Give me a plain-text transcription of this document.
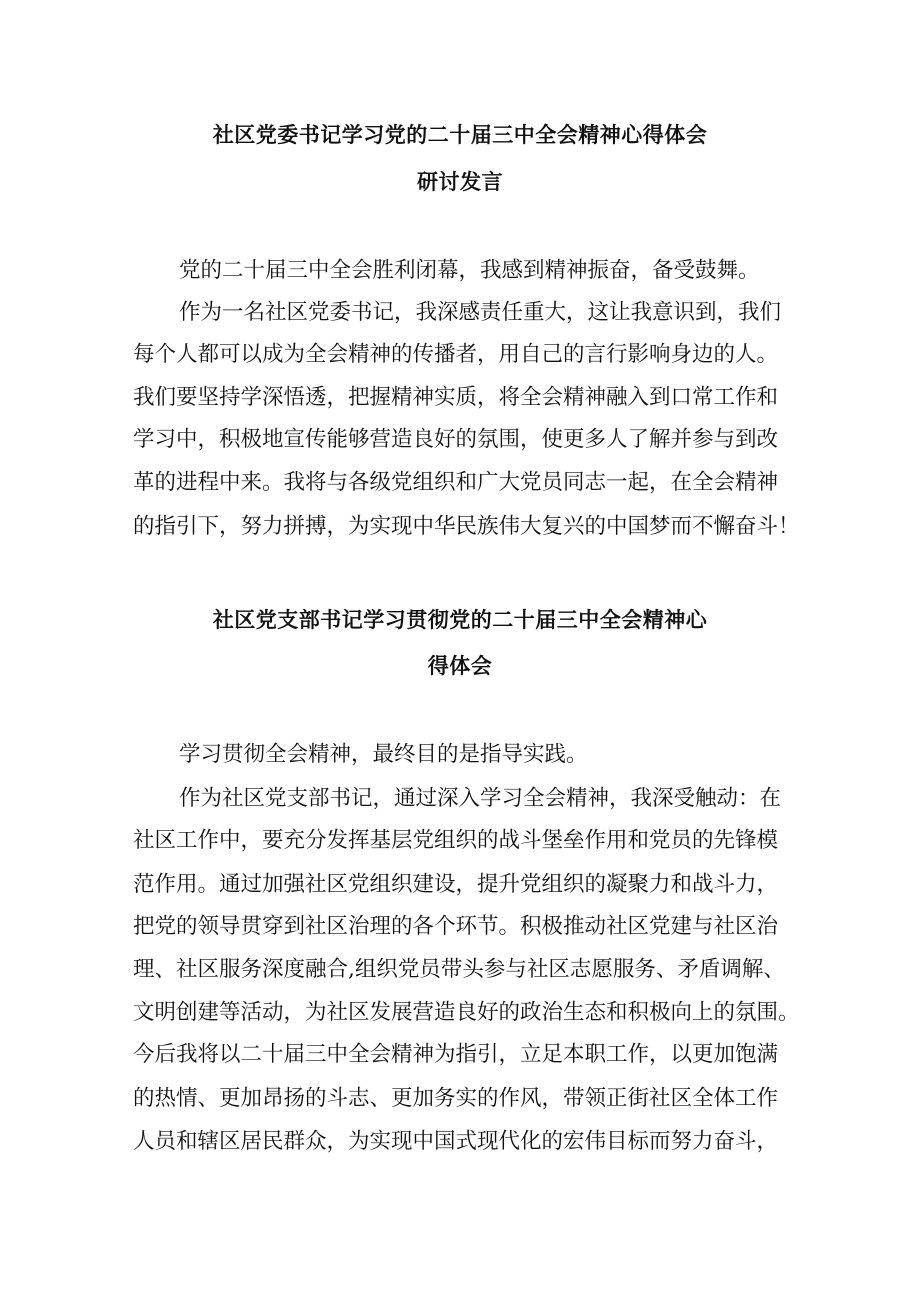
社区党委书记学习党的二十届三中全会精神心得体会
研讨发言
党的二十届三中全会胜利闭幕，我感到精神振奋，备受鼓舞。
作为一名社区党委书记，我深感责任重大，这让我意识到，我们
每个人都可以成为全会精神的传播者，用自己的言行影响身边的人。
我们要坚持学深悟透，把握精神实质，将全会精神融入到口常工作和
学习中，积极地宣传能够营造良好的氛围，使更多人了解并参与到改
革的进程中来。我将与各级党组织和广大党员同志一起，在全会精神
的指引下，努力拼搏，为实现中华民族伟大复兴的中国梦而不懈奋斗！
社区党支部书记学习贯彻党的二十届三中全会精神心
得体会
学习贯彻全会精神，最终目的是指导实践。
作为社区党支部书记，通过深入学习全会精神，我深受触动：在
社区工作中，要充分发挥基层党组织的战斗堡垒作用和党员的先锋模
范作用。通过加强社区党组织建设，提升党组织的凝聚力和战斗力，
把党的领导贯穿到社区治理的各个环节。积极推动社区党建与社区治
理、社区服务深度融合,组织党员带头参与社区志愿服务、矛盾调解、
文明创建等活动，为社区发展营造良好的政治生态和积极向上的氛围。
今后我将以二十届三中全会精神为指引，立足本职工作，以更加饱满
的热情、更加昂扬的斗志、更加务实的作风，带领正街社区全体工作
人员和辖区居民群众，为实现中国式现代化的宏伟目标而努力奋斗，
